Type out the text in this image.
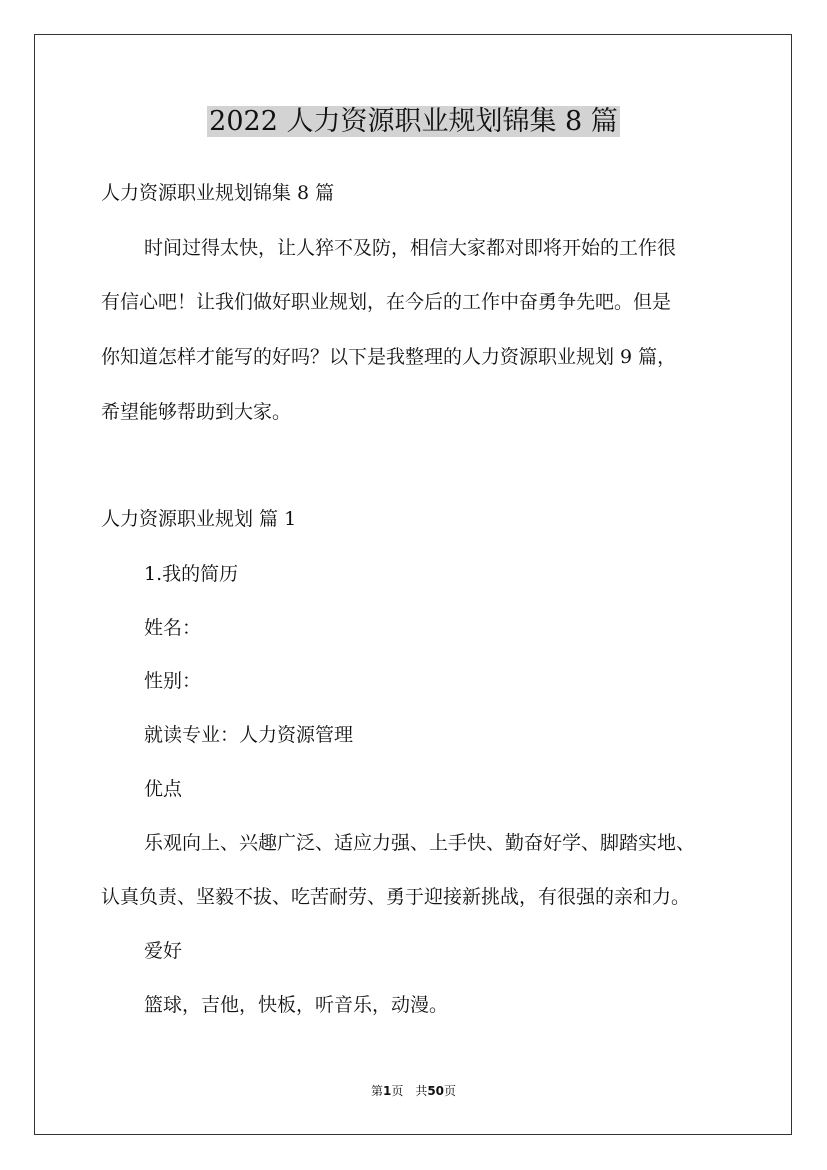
2022 人力资源职业规划锦集 8 篇
人力资源职业规划锦集 8 篇
时间过得太快，让人猝不及防，相信大家都对即将开始的工作很
有信心吧！让我们做好职业规划，在今后的工作中奋勇争先吧。但是
你知道怎样才能写的好吗？以下是我整理的人力资源职业规划 9 篇，
希望能够帮助到大家。
人力资源职业规划 篇 1
1.我的简历
姓名：
性别：
就读专业：人力资源管理
优点
乐观向上、兴趣广泛、适应力强、上手快、勤奋好学、脚踏实地、
认真负责、坚毅不拔、吃苦耐劳、勇于迎接新挑战，有很强的亲和力。
爱好
篮球，吉他，快板，听音乐，动漫。
第1页　共50页
